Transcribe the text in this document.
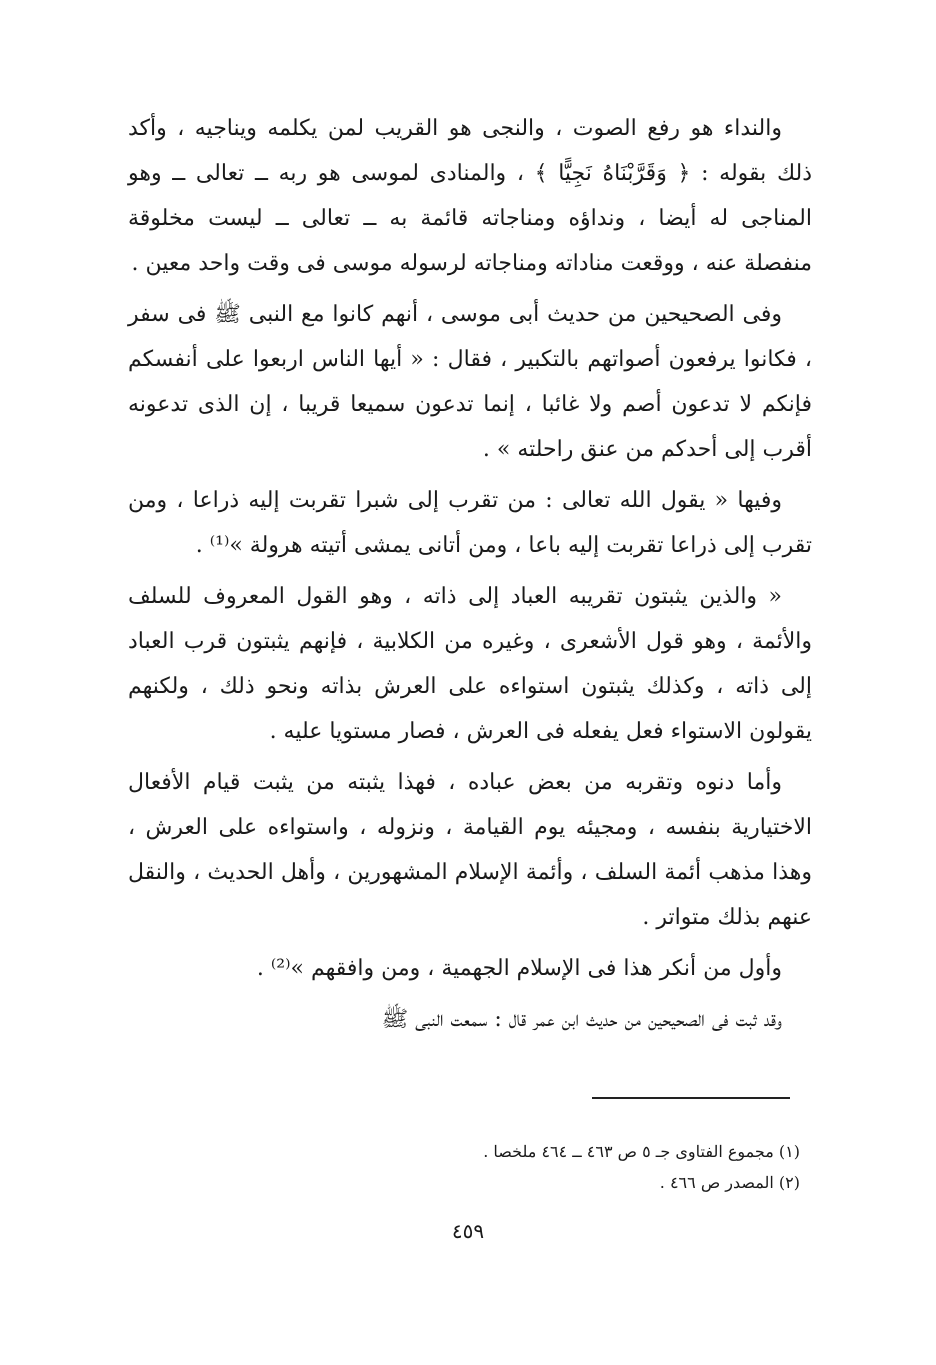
والنداء هو رفع الصوت ، والنجى هو القريب لمن يكلمه ويناجيه ، وأكد ذلك بقوله : ﴿ وَقَرَّبْنَاهُ نَجِيًّا ﴾ ، والمنادى لموسى هو ربه ــ تعالى ــ وهو المناجى له أيضا ، ونداؤه ومناجاته قائمة به ــ تعالى ــ ليست مخلوقة منفصلة عنه ، ووقعت مناداته ومناجاته لرسوله موسى فى وقت واحد معين .

وفى الصحيحين من حديث أبى موسى ، أنهم كانوا مع النبى ﷺ فى سفر ، فكانوا يرفعون أصواتهم بالتكبير ، فقال : « أيها الناس اربعوا على أنفسكم فإنكم لا تدعون أصم ولا غائبا ، إنما تدعون سميعا قريبا ، إن الذى تدعونه أقرب إلى أحدكم من عنق راحلته » .

وفيها « يقول الله تعالى : من تقرب إلى شبرا تقربت إليه ذراعا ، ومن تقرب إلى ذراعا تقربت إليه باعا ، ومن أتانى يمشى أتيته هرولة »⁽¹⁾ .

« والذين يثبتون تقريبه العباد إلى ذاته ، وهو القول المعروف للسلف والأئمة ، وهو قول الأشعرى ، وغيره من الكلابية ، فإنهم يثبتون قرب العباد إلى ذاته ، وكذلك يثبتون استواءه على العرش بذاته ونحو ذلك ، ولكنهم يقولون الاستواء فعل يفعله فى العرش ، فصار مستويا عليه .

وأما دنوه وتقربه من بعض عباده ، فهذا يثبته من يثبت قيام الأفعال الاختيارية بنفسه ، ومجيئه يوم القيامة ، ونزوله ، واستواءه على العرش ، وهذا مذهب أئمة السلف ، وأئمة الإسلام المشهورين ، وأهل الحديث ، والنقل عنهم بذلك متواتر .

وأول من أنكر هذا فى الإسلام الجهمية ، ومن وافقهم »⁽²⁾ .

وقد ثبت فى الصحيحين من حديث ابن عمر قال : سمعت النبى ﷺ

(١) مجموع الفتاوى جـ ٥ ص ٤٦٣ ــ ٤٦٤ ملخصا .

(٢) المصدر ص ٤٦٦ .

٤٥٩
